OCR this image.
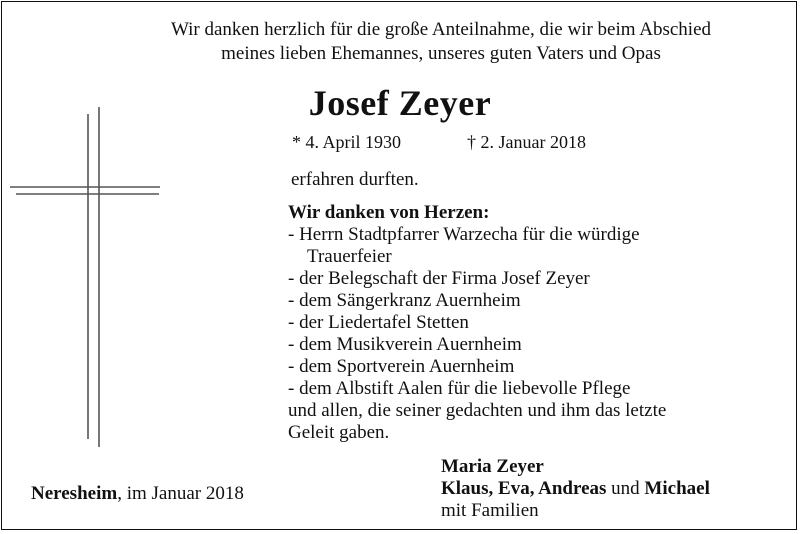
Wir danken herzlich für die große Anteilnahme, die wir beim Abschied
meines lieben Ehemannes, unseres guten Vaters und Opas
Josef Zeyer
* 4. April 1930	† 2. Januar 2018
erfahren durften.
Wir danken von Herzen:
- Herrn Stadtpfarrer Warzecha für die würdige
Trauerfeier
- der Belegschaft der Firma Josef Zeyer
- dem Sängerkranz Auernheim
- der Liedertafel Stetten
- dem Musikverein Auernheim
- dem Sportverein Auernheim
- dem Albstift Aalen für die liebevolle Pflege
und allen, die seiner gedachten und ihm das letzte
Geleit gaben.
Neresheim, im Januar 2018
Maria Zeyer
Klaus, Eva, Andreas und Michael
mit Familien
